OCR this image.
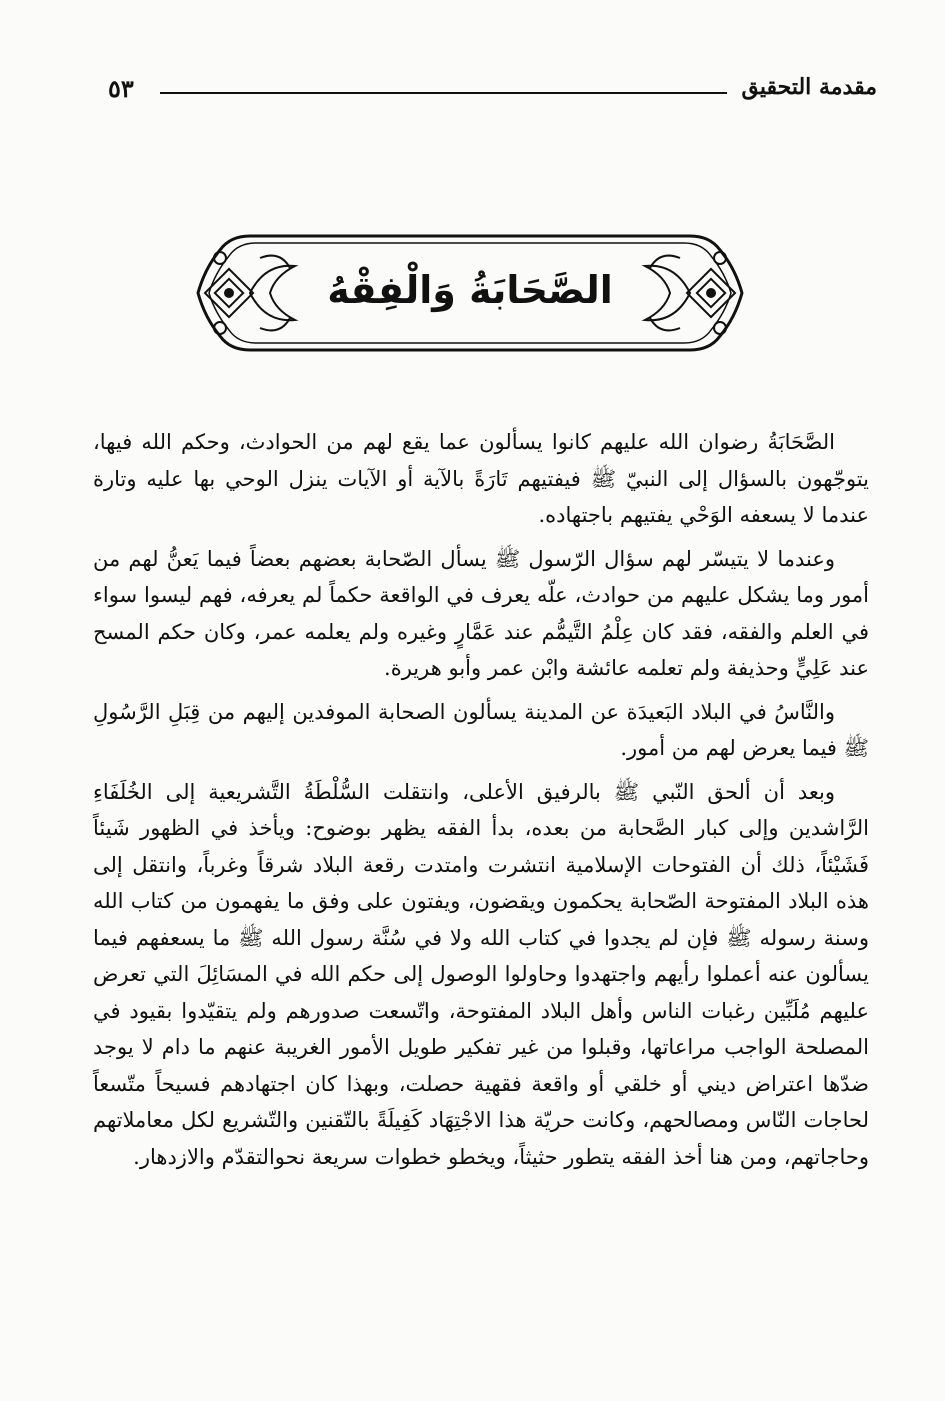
٥٣	مقدمة التحقيق
الصَّحَابَةُ وَالْفِقْهُ

الصَّحَابَةُ رضوان الله عليهم كانوا يسألون عما يقع لهم من الحوادث، وحكم الله فيها، يتوجّهون بالسؤال إلى النبيّ ﷺ فيفتيهم تَارَةً بالآية أو الآيات ينزل الوحي بها عليه وتارة عندما لا يسعفه الوَحْي يفتيهم باجتهاده.

وعندما لا يتيسّر لهم سؤال الرّسول ﷺ يسأل الصّحابة بعضهم بعضاً فيما يَعنُّ لهم من أمور وما يشكل عليهم من حوادث، علّه يعرف في الواقعة حكماً لم يعرفه، فهم ليسوا سواء في العلم والفقه، فقد كان عِلْمُ التَّيمُّم عند عَمَّارٍ وغيره ولم يعلمه عمر، وكان حكم المسح عند عَلِيٍّ وحذيفة ولم تعلمه عائشة وابْن عمر وأبو هريرة.

والنَّاسُ في البلاد البَعيدَة عن المدينة يسألون الصحابة الموفدين إليهم من قِبَلِ الرَّسُولِ ﷺ فيما يعرض لهم من أمور.

وبعد أن ألحق النّبي ﷺ بالرفيق الأعلى، وانتقلت السُّلْطَةُ التَّشريعية إلى الخُلَفَاءِ الرَّاشدين وإلى كبار الصَّحابة من بعده، بدأ الفقه يظهر بوضوح: ويأخذ في الظهور شَيئاً فَشَيْئاً، ذلك أن الفتوحات الإسلامية انتشرت وامتدت رقعة البلاد شرقاً وغرباً، وانتقل إلى هذه البلاد المفتوحة الصّحابة يحكمون ويقضون، ويفتون على وفق ما يفهمون من كتاب الله وسنة رسوله ﷺ فإن لم يجدوا في كتاب الله ولا في سُنَّة رسول الله ﷺ ما يسعفهم فيما يسألون عنه أعملوا رأيهم واجتهدوا وحاولوا الوصول إلى حكم الله في المسَائِلَ التي تعرض عليهم مُلَبِّين رغبات الناس وأهل البلاد المفتوحة، واتّسعت صدورهم ولم يتقيّدوا بقيود في المصلحة الواجب مراعاتها، وقبلوا من غير تفكير طويل الأمور الغريبة عنهم ما دام لا يوجد ضدّها اعتراض ديني أو خلقي أو واقعة فقهية حصلت، وبهذا كان اجتهادهم فسيحاً متّسعاً لحاجات النّاس ومصالحهم، وكانت حريّة هذا الاجْتِهَاد كَفِيلَةً بالتّقنين والتّشريع لكل معاملاتهم وحاجاتهم، ومن هنا أخذ الفقه يتطور حثيثاً، ويخطو خطوات سريعة نحوالتقدّم والازدهار.
